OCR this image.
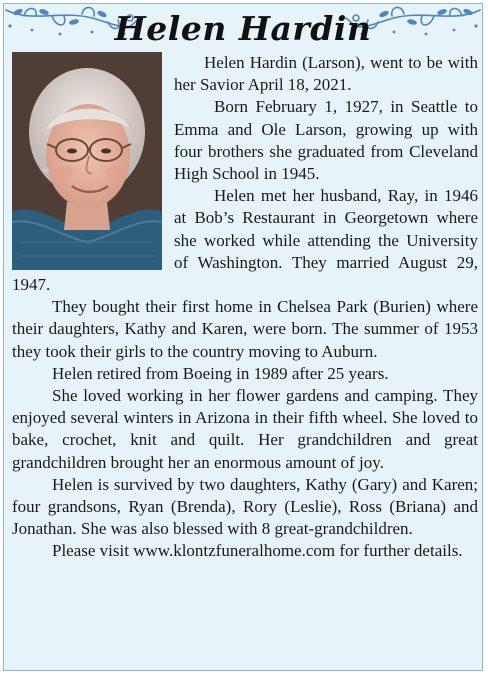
Helen Hardin

Helen Hardin (Larson), went to be with her Savior April 18, 2021.

Born February 1, 1927, in Seattle to Emma and Ole Larson, growing up with four brothers she graduated from Cleveland High School in 1945.

Helen met her husband, Ray, in 1946 at Bob’s Restaurant in Georgetown where she worked while attending the University of Washington. They married August 29, 1947.

They bought their first home in Chelsea Park (Burien) where their daughters, Kathy and Karen, were born. The summer of 1953 they took their girls to the country moving to Auburn.

Helen retired from Boeing in 1989 after 25 years.

She loved working in her flower gardens and camping. They enjoyed several winters in Arizona in their fifth wheel. She loved to bake, crochet, knit and quilt. Her grandchildren and great grandchildren brought her an enormous amount of joy.

Helen is survived by two daughters, Kathy (Gary) and Karen; four grandsons, Ryan (Brenda), Rory (Leslie), Ross (Briana) and Jonathan. She was also blessed with 8 great-grandchildren.

Please visit www.klontzfuneralhome.com for further details.
